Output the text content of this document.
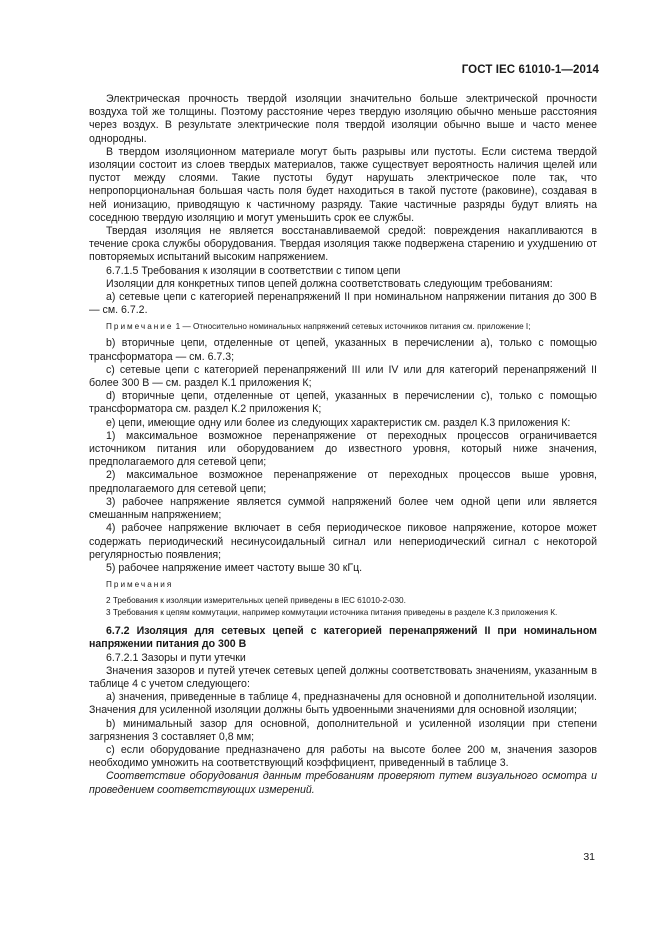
ГОСТ IEC 61010-1—2014

Электрическая прочность твердой изоляции значительно больше электрической прочности воздуха той же толщины. Поэтому расстояние через твердую изоляцию обычно меньше расстояния через воздух. В результате электрические поля твердой изоляции обычно выше и часто менее однородны.

В твердом изоляционном материале могут быть разрывы или пустоты. Если система твердой изоляции состоит из слоев твердых материалов, также существует вероятность наличия щелей или пустот между слоями. Такие пустоты будут нарушать электрическое поле так, что непропорциональная большая часть поля будет находиться в такой пустоте (раковине), создавая в ней ионизацию, приводящую к частичному разряду. Такие частичные разряды будут влиять на соседнюю твердую изоляцию и могут уменьшить срок ее службы.

Твердая изоляция не является восстанавливаемой средой: повреждения накапливаются в течение срока службы оборудования. Твердая изоляция также подвержена старению и ухудшению от повторяемых испытаний высоким напряжением.

6.7.1.5 Требования к изоляции в соответствии с типом цепи

Изоляции для конкретных типов цепей должна соответствовать следующим требованиям:

а) сетевые цепи с категорией перенапряжений II при номинальном напряжении питания до 300 В — см. 6.7.2.

Примечание 1 — Относительно номинальных напряжений сетевых источников питания см. приложение I;

b) вторичные цепи, отделенные от цепей, указанных в перечислении а), только с помощью трансформатора — см. 6.7.3;

c) сетевые цепи с категорией перенапряжений III или IV или для категорий перенапряжений II более 300 В — см. раздел К.1 приложения К;

d) вторичные цепи, отделенные от цепей, указанных в перечислении с), только с помощью трансформатора см. раздел К.2 приложения К;

е) цепи, имеющие одну или более из следующих характеристик см. раздел К.3 приложения К:

1) максимальное возможное перенапряжение от переходных процессов ограничивается источником питания или оборудованием до известного уровня, который ниже значения, предполагаемого для сетевой цепи;

2) максимальное возможное перенапряжение от переходных процессов выше уровня, предполагаемого для сетевой цепи;

3) рабочее напряжение является суммой напряжений более чем одной цепи или является смешанным напряжением;

4) рабочее напряжение включает в себя периодическое пиковое напряжение, которое может содержать периодический несинусоидальный сигнал или непериодический сигнал с некоторой регулярностью появления;

5) рабочее напряжение имеет частоту выше 30 кГц.

Примечания

2 Требования к изоляции измерительных цепей приведены в IEC 61010-2-030.

3 Требования к цепям коммутации, например коммутации источника питания приведены в разделе К.3 приложения К.

6.7.2 Изоляция для сетевых цепей с категорией перенапряжений II при номинальном напряжении питания до 300 В

6.7.2.1 Зазоры и пути утечки

Значения зазоров и путей утечек сетевых цепей должны соответствовать значениям, указанным в таблице 4 с учетом следующего:

а) значения, приведенные в таблице 4, предназначены для основной и дополнительной изоляции. Значения для усиленной изоляции должны быть удвоенными значениями для основной изоляции;

b) минимальный зазор для основной, дополнительной и усиленной изоляции при степени загрязнения 3 составляет 0,8 мм;

с) если оборудование предназначено для работы на высоте более 200 м, значения зазоров необходимо умножить на соответствующий коэффициент, приведенный в таблице 3.

Соответствие оборудования данным требованиям проверяют путем визуального осмотра и проведением соответствующих измерений.

31
